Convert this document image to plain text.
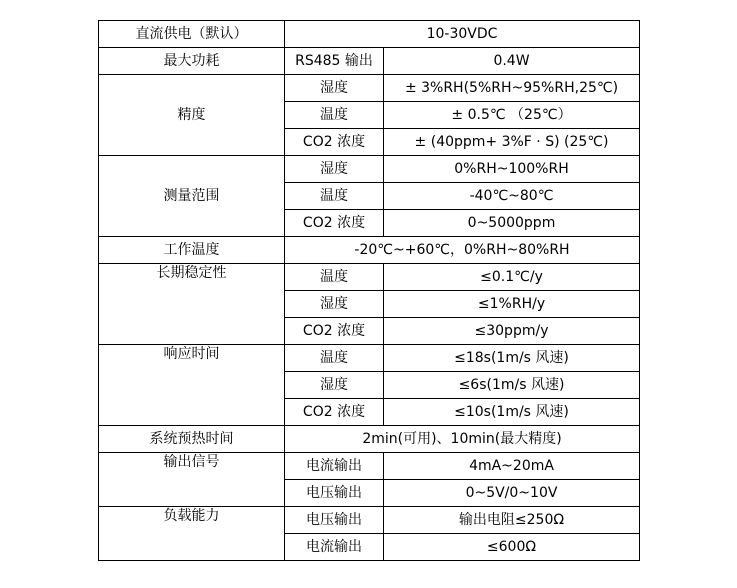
直流供电（默认）	10-30VDC	
最大功耗	RS485 输出	0.4W
精度	湿度	± 3%RH(5%RH~95%RH,25℃)
	温度	± 0.5℃ （25℃）
	CO2 浓度	± (40ppm+ 3%F · S) (25℃)
测量范围	湿度	0%RH~100%RH
	温度	-40℃~80℃
	CO2 浓度	0~5000ppm
工作温度	-20℃~+60℃，0%RH~80%RH	
长期稳定性	温度	≤0.1℃/y
	湿度	≤1%RH/y
	CO2 浓度	≤30ppm/y
响应时间	温度	≤18s(1m/s 风速)
	湿度	≤6s(1m/s 风速)
	CO2 浓度	≤10s(1m/s 风速)
系统预热时间	2min(可用)、10min(最大精度)	
输出信号	电流输出	4mA~20mA
	电压输出	0~5V/0~10V
负载能力	电压输出	输出电阻≤250Ω
	电流输出	≤600Ω
